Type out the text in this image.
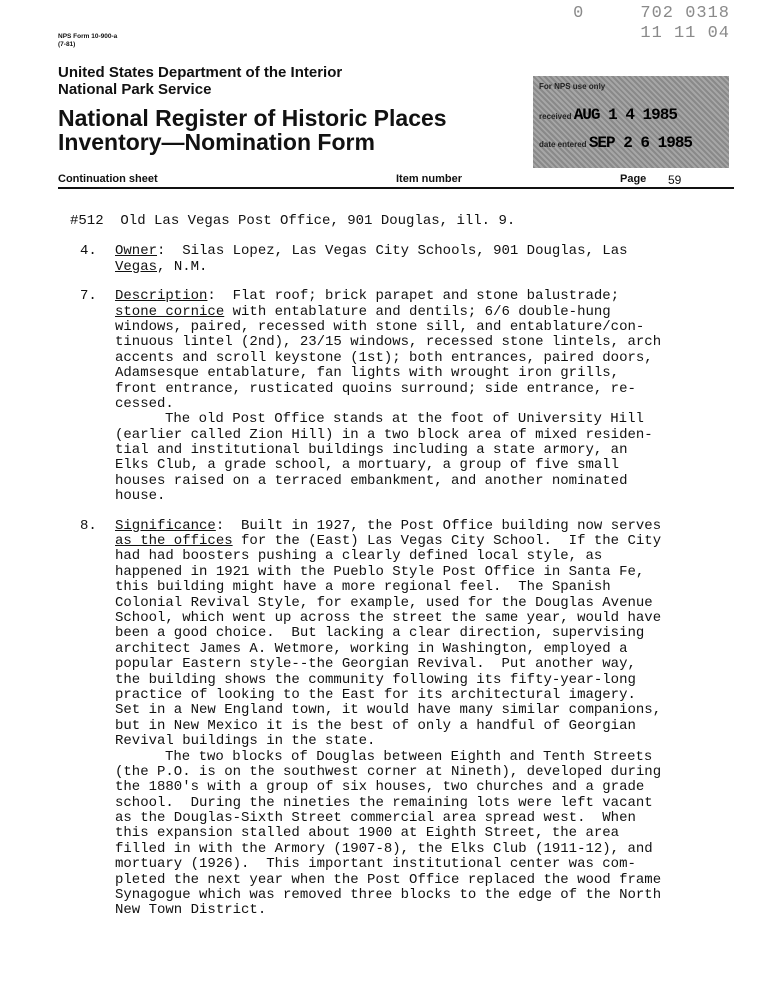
0     702 0318
11 11 04
NPS Form 10-900-a
(7-81)
United States Department of the Interior
National Park Service
National Register of Historic Places
Inventory—Nomination Form
For NPS use only
received AUG 1 4 1985
date entered SEP 2 6 1985
Continuation sheet	Item number	Page 59
#512  Old Las Vegas Post Office, 901 Douglas, ill. 9.
4. Owner:  Silas Lopez, Las Vegas City Schools, 901 Douglas, Las
Vegas, N.M.
7. Description:  Flat roof; brick parapet and stone balustrade;
stone cornice with entablature and dentils; 6/6 double-hung
windows, paired, recessed with stone sill, and entablature/con-
tinuous lintel (2nd), 23/15 windows, recessed stone lintels, arch
accents and scroll keystone (1st); both entrances, paired doors,
Adamsesque entablature, fan lights with wrought iron grills,
front entrance, rusticated quoins surround; side entrance, re-
cessed.
The old Post Office stands at the foot of University Hill
(earlier called Zion Hill) in a two block area of mixed residen-
tial and institutional buildings including a state armory, an
Elks Club, a grade school, a mortuary, a group of five small
houses raised on a terraced embankment, and another nominated
house.
8. Significance:  Built in 1927, the Post Office building now serves
as the offices for the (East) Las Vegas City School.  If the City
had had boosters pushing a clearly defined local style, as
happened in 1921 with the Pueblo Style Post Office in Santa Fe,
this building might have a more regional feel.  The Spanish
Colonial Revival Style, for example, used for the Douglas Avenue
School, which went up across the street the same year, would have
been a good choice.  But lacking a clear direction, supervising
architect James A. Wetmore, working in Washington, employed a
popular Eastern style--the Georgian Revival.  Put another way,
the building shows the community following its fifty-year-long
practice of looking to the East for its architectural imagery.
Set in a New England town, it would have many similar companions,
but in New Mexico it is the best of only a handful of Georgian
Revival buildings in the state.
The two blocks of Douglas between Eighth and Tenth Streets
(the P.O. is on the southwest corner at Nineth), developed during
the 1880's with a group of six houses, two churches and a grade
school.  During the nineties the remaining lots were left vacant
as the Douglas-Sixth Street commercial area spread west.  When
this expansion stalled about 1900 at Eighth Street, the area
filled in with the Armory (1907-8), the Elks Club (1911-12), and
mortuary (1926).  This important institutional center was com-
pleted the next year when the Post Office replaced the wood frame
Synagogue which was removed three blocks to the edge of the North
New Town District.
